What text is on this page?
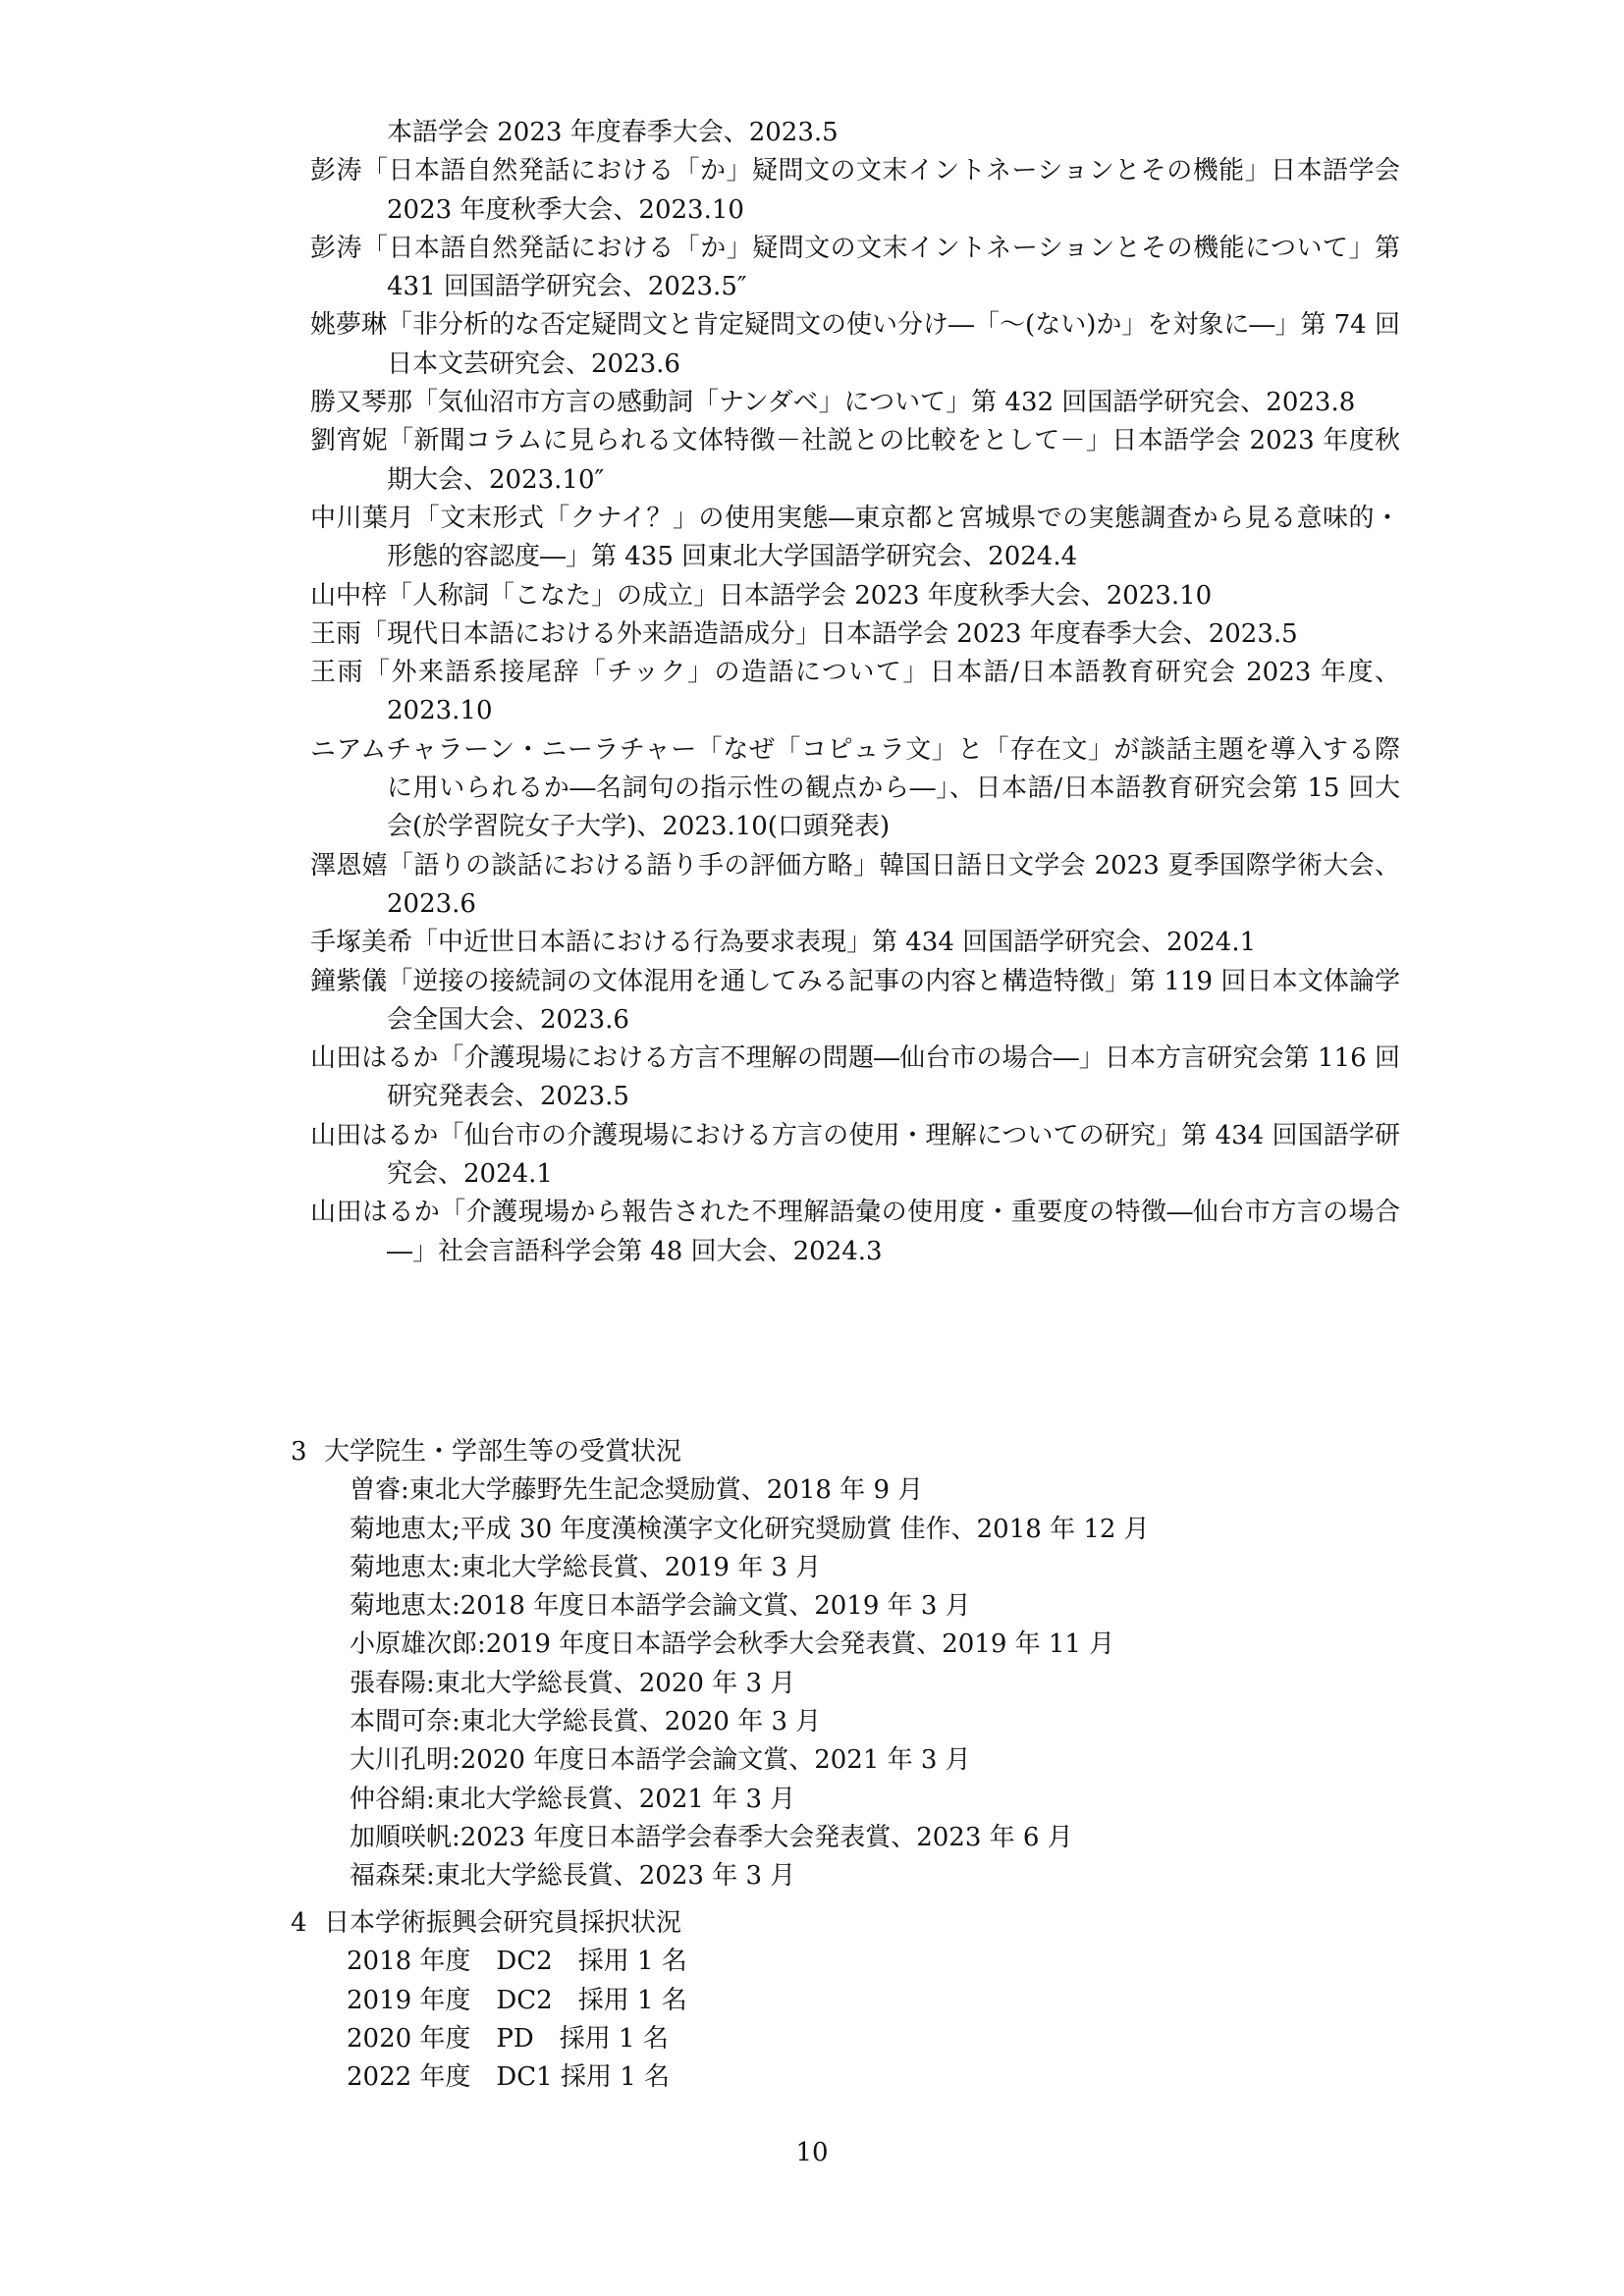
本語学会 2023 年度春季大会、2023.5

彭涛「日本語自然発話における「か」疑問文の文末イントネーションとその機能」日本語学会 2023 年度秋季大会、2023.10

彭涛「日本語自然発話における「か」疑問文の文末イントネーションとその機能について」第 431 回国語学研究会、2023.5″

姚夢琳「非分析的な否定疑問文と肯定疑問文の使い分け―「～(ない)か」を対象に―」第 74 回日本文芸研究会、2023.6

勝又琴那「気仙沼市方言の感動詞「ナンダベ」について」第 432 回国語学研究会、2023.8

劉宵妮「新聞コラムに見られる文体特徴－社説との比較をとして－」日本語学会 2023 年度秋期大会、2023.10″

中川葉月「文末形式「クナイ？」の使用実態―東京都と宮城県での実態調査から見る意味的・形態的容認度―」第 435 回東北大学国語学研究会、2024.4

山中梓「人称詞「こなた」の成立」日本語学会 2023 年度秋季大会、2023.10

王雨「現代日本語における外来語造語成分」日本語学会 2023 年度春季大会、2023.5

王雨「外来語系接尾辞「チック」の造語について」日本語/日本語教育研究会 2023 年度、2023.10

ニアムチャラーン・ニーラチャー「なぜ「コピュラ文」と「存在文」が談話主題を導入する際に用いられるか―名詞句の指示性の観点から―」、日本語/日本語教育研究会第 15 回大会(於学習院女子大学)、2023.10(口頭発表)

澤恩嬉「語りの談話における語り手の評価方略」韓国日語日文学会 2023 夏季国際学術大会、2023.6

手塚美希「中近世日本語における行為要求表現」第 434 回国語学研究会、2024.1

鐘紫儀「逆接の接続詞の文体混用を通してみる記事の内容と構造特徴」第 119 回日本文体論学会全国大会、2023.6

山田はるか「介護現場における方言不理解の問題―仙台市の場合―」日本方言研究会第 116 回研究発表会、2023.5

山田はるか「仙台市の介護現場における方言の使用・理解についての研究」第 434 回国語学研究会、2024.1

山田はるか「介護現場から報告された不理解語彙の使用度・重要度の特徴―仙台市方言の場合―」社会言語科学会第 48 回大会、2024.3

3 大学院生・学部生等の受賞状況

曽睿:東北大学藤野先生記念奨励賞、2018 年 9 月
菊地恵太;平成 30 年度漢検漢字文化研究奨励賞 佳作、2018 年 12 月
菊地恵太:東北大学総長賞、2019 年 3 月
菊地恵太:2018 年度日本語学会論文賞、2019 年 3 月
小原雄次郎:2019 年度日本語学会秋季大会発表賞、2019 年 11 月
張春陽:東北大学総長賞、2020 年 3 月
本間可奈:東北大学総長賞、2020 年 3 月
大川孔明:2020 年度日本語学会論文賞、2021 年 3 月
仲谷絹:東北大学総長賞、2021 年 3 月
加順咲帆:2023 年度日本語学会春季大会発表賞、2023 年 6 月
福森栞:東北大学総長賞、2023 年 3 月

4 日本学術振興会研究員採択状況

2018 年度　DC2　採用 1 名
2019 年度　DC2　採用 1 名
2020 年度　PD　採用 1 名
2022 年度　DC1 採用 1 名
10
